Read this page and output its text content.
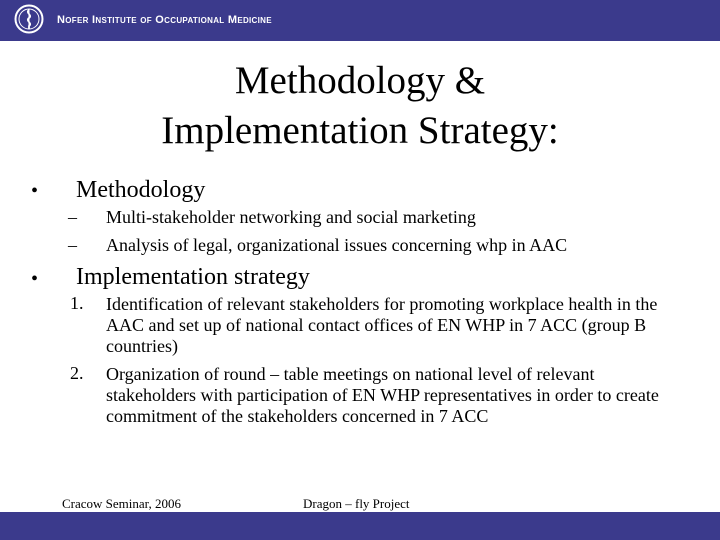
Nofer Institute of Occupational Medicine
Methodology &
Implementation Strategy:
• Methodology
– Multi-stakeholder networking and social marketing
– Analysis of legal, organizational issues concerning whp in AAC
• Implementation strategy
1. Identification of relevant stakeholders for promoting workplace health in the AAC and set up of national contact offices of EN WHP in 7 ACC (group B countries)
2. Organization of round – table meetings on national level of relevant stakeholders with participation of EN WHP representatives in order to create commitment of the stakeholders concerned in 7 ACC
Cracow Seminar, 2006	Dragon – fly Project
